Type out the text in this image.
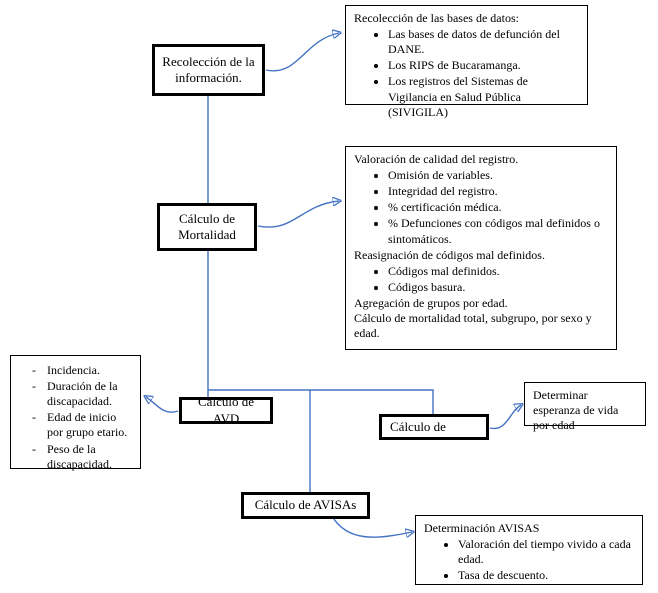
Recolección de la información.
Cálculo de Mortalidad
Cálculo de AVD
Cálculo de
Cálculo de AVISAs
Recolección de las bases de datos:
• Las bases de datos de defunción del DANE.
• Los RIPS de Bucaramanga.
• Los registros del Sistemas de Vigilancia en Salud Pública (SIVIGILA)
Valoración de calidad del registro.
• Omisión de variables.
• Integridad del registro.
• % certificación médica.
• % Defunciones con códigos mal definidos o sintomáticos.
Reasignación de códigos mal definidos.
• Códigos mal definidos.
• Códigos basura.
Agregación de grupos por edad.
Cálculo de mortalidad total, subgrupo, por sexo y edad.
- Incidencia.
- Duración de la discapacidad.
- Edad de inicio por grupo etario.
- Peso de la discapacidad.
Determinar esperanza de vida por edad
Determinación AVISAS
• Valoración del tiempo vivido a cada edad.
• Tasa de descuento.
